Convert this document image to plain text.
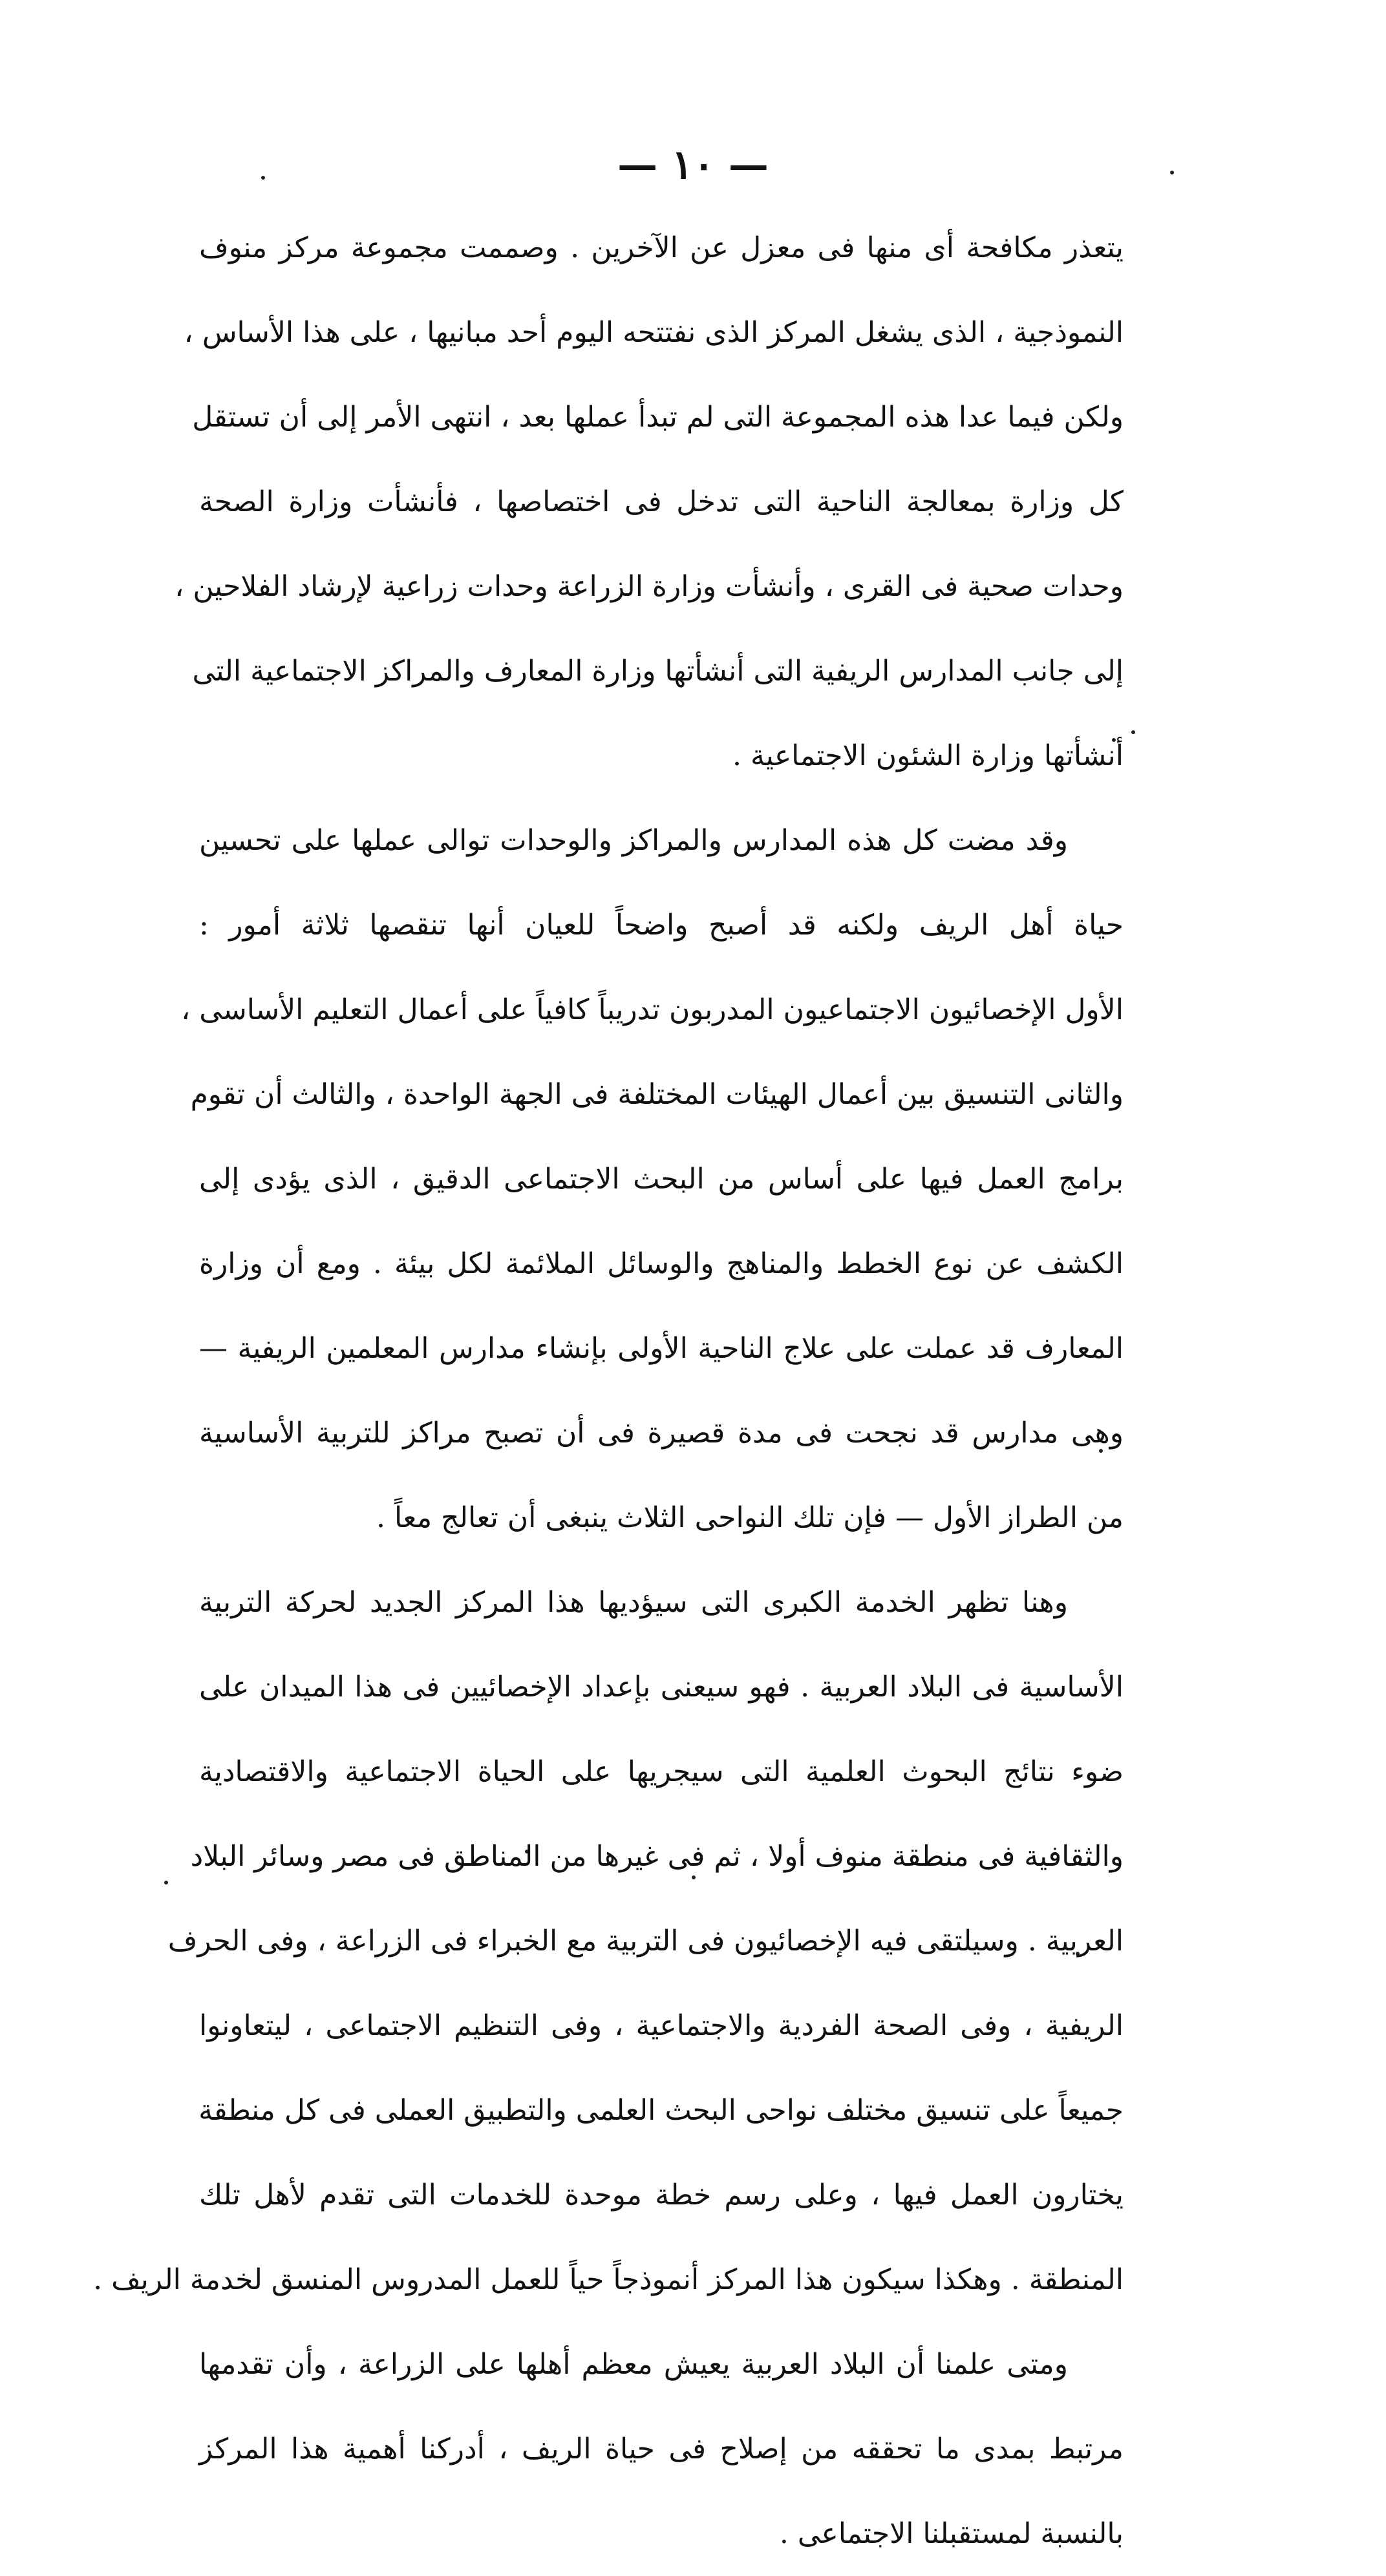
— ١٠ —
يتعذر مكافحة أى منها فى معزل عن الآخرين . وصممت مجموعة مركز منوف
النموذجية ، الذى يشغل المركز الذى نفتتحه اليوم أحد مبانيها ، على هذا الأساس ،
ولكن فيما عدا هذه المجموعة التى لم تبدأ عملها بعد ، انتهى الأمر إلى أن تستقل
كل وزارة بمعالجة الناحية التى تدخل فى اختصاصها ، فأنشأت وزارة الصحة
وحدات صحية فى القرى ، وأنشأت وزارة الزراعة وحدات زراعية لإرشاد الفلاحين ،
إلى جانب المدارس الريفية التى أنشأتها وزارة المعارف والمراكز الاجتماعية التى
أنشأتها وزارة الشئون الاجتماعية .
وقد مضت كل هذه المدارس والمراكز والوحدات توالى عملها على تحسين
حياة أهل الريف ولكنه قد أصبح واضحاً للعيان أنها تنقصها ثلاثة أمور :
الأول الإخصائيون الاجتماعيون المدربون تدريباً كافياً على أعمال التعليم الأساسى ،
والثانى التنسيق بين أعمال الهيئات المختلفة فى الجهة الواحدة ، والثالث أن تقوم
برامج العمل فيها على أساس من البحث الاجتماعى الدقيق ، الذى يؤدى إلى
الكشف عن نوع الخطط والمناهج والوسائل الملائمة لكل بيئة . ومع أن وزارة
المعارف قد عملت على علاج الناحية الأولى بإنشاء مدارس المعلمين الريفية —
وهى مدارس قد نجحت فى مدة قصيرة فى أن تصبح مراكز للتربية الأساسية
من الطراز الأول — فإن تلك النواحى الثلاث ينبغى أن تعالج معاً .
وهنا تظهر الخدمة الكبرى التى سيؤديها هذا المركز الجديد لحركة التربية
الأساسية فى البلاد العربية . فهو سيعنى بإعداد الإخصائيين فى هذا الميدان على
ضوء نتائج البحوث العلمية التى سيجريها على الحياة الاجتماعية والاقتصادية
والثقافية فى منطقة منوف أولا ، ثم فى غيرها من المناطق فى مصر وسائر البلاد
العربية . وسيلتقى فيه الإخصائيون فى التربية مع الخبراء فى الزراعة ، وفى الحرف
الريفية ، وفى الصحة الفردية والاجتماعية ، وفى التنظيم الاجتماعى ، ليتعاونوا
جميعاً على تنسيق مختلف نواحى البحث العلمى والتطبيق العملى فى كل منطقة
يختارون العمل فيها ، وعلى رسم خطة موحدة للخدمات التى تقدم لأهل تلك
المنطقة . وهكذا سيكون هذا المركز أنموذجاً حياً للعمل المدروس المنسق لخدمة الريف .
ومتى علمنا أن البلاد العربية يعيش معظم أهلها على الزراعة ، وأن تقدمها
مرتبط بمدى ما تحققه من إصلاح فى حياة الريف ، أدركنا أهمية هذا المركز
بالنسبة لمستقبلنا الاجتماعى .
